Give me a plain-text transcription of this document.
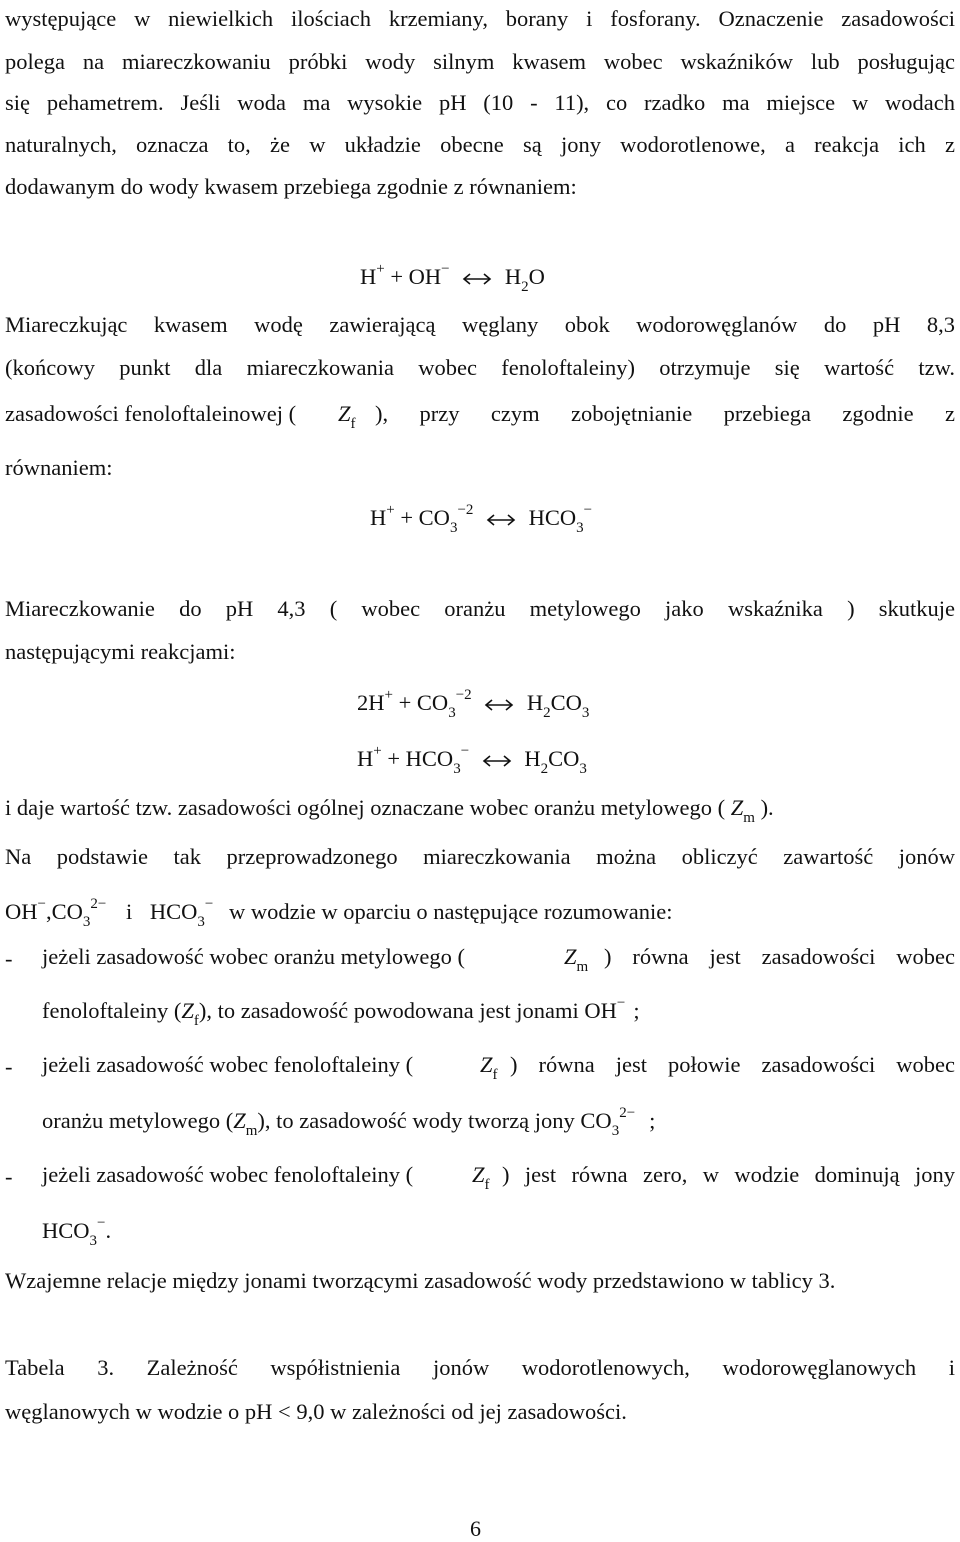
występujące w niewielkich ilościach krzemiany, borany i fosforany. Oznaczenie zasadowości
polega na miareczkowaniu próbki wody silnym kwasem wobec wskaźników lub posługując
się pehametrem. Jeśli woda ma wysokie pH (10 - 11), co rzadko ma miejsce w wodach
naturalnych, oznacza to, że w układzie obecne są jony wodorotlenowe, a reakcja ich z
dodawanym do wody kwasem przebiega zgodnie z równaniem:
H+ + OH− $H_2O$
Miareczkując kwasem wodę zawierającą węglany obok wodorowęglanów do pH 8,3
(końcowy punkt dla miareczkowania wobec fenoloftaleiny) otrzymuje się wartość tzw.
zasadowości fenoloftaleinowej ( $Z_f$ ), przy czym zobojętnianie przebiega zgodnie z
równaniem:
$H^+ + CO_3^{-2}$ $HCO_3^-$
Miareczkowanie do pH 4,3 ( wobec oranżu metylowego jako wskaźnika ) skutkuje
następującymi reakcjami:
$2H^+ + CO_3^{-2}$ $H_2CO_3$
$H^+ + HCO_3^-$ $H_2CO_3$
i daje wartość tzw. zasadowości ogólnej oznaczane wobec oranżu metylowego ( $Z_m$ ).
Na podstawie tak przeprowadzonego miareczkowania można obliczyć zawartość jonów
$OH^-,CO_3^{2-}$ i $HCO_3^-$ w wodzie w oparciu o następujące rozumowanie:
- jeżeli zasadowość wobec oranżu metylowego (	$Z_m$ ) równa jest zasadowości wobec
fenoloftaleiny $(Z_f)$, to zasadowość powodowana jest jonami OH− ;
- jeżeli zasadowość wobec fenoloftaleiny (	$Z_f$ ) równa jest połowie zasadowości wobec
oranżu metylowego $(Z_m)$, to zasadowość wody tworzą jony $CO_3^{2-}$ ;
- jeżeli zasadowość wobec fenoloftaleiny (	$Z_f$ ) jest równa zero, w wodzie dominują jony
$HCO_3^-$.
Wzajemne relacje między jonami tworzącymi zasadowość wody przedstawiono w tablicy 3.
Tabela 3. Zależność współistnienia jonów wodorotlenowych, wodorowęglanowych i
węglanowych w wodzie o pH < 9,0 w zależności od jej zasadowości.
6
